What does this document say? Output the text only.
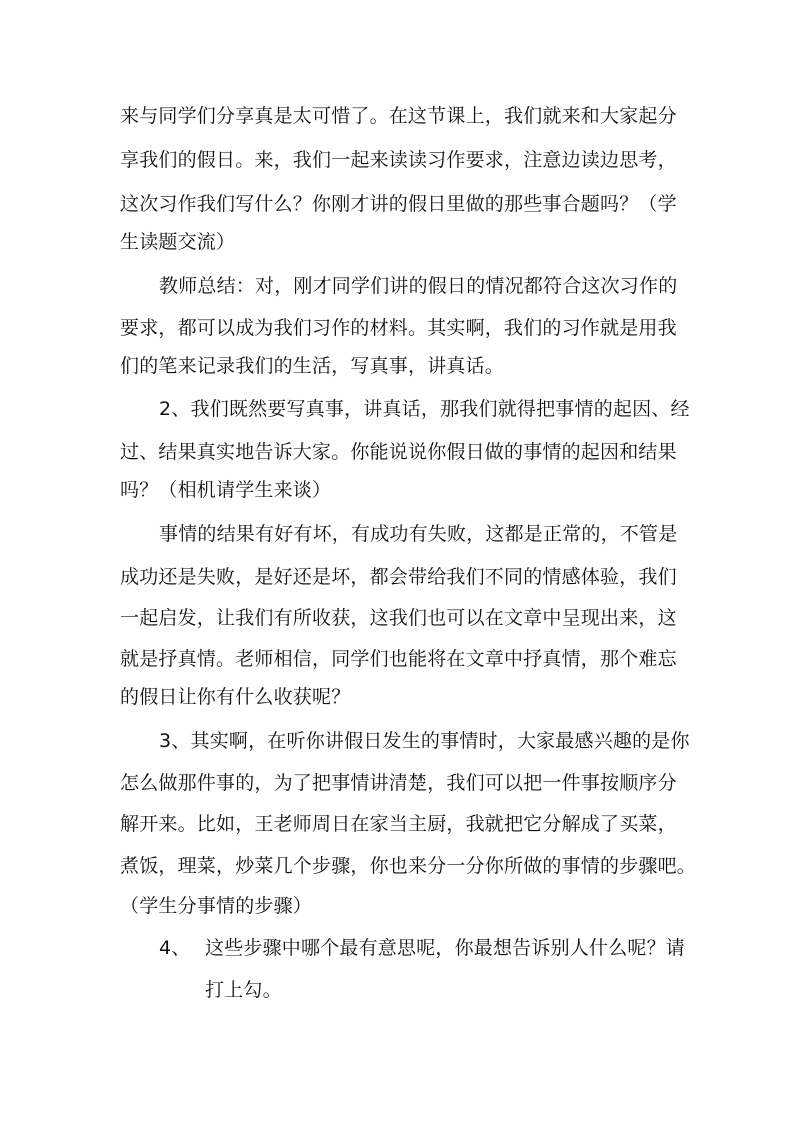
来与同学们分享真是太可惜了。在这节课上，我们就来和大家起分
享我们的假日。来，我们一起来读读习作要求，注意边读边思考，
这次习作我们写什么？你刚才讲的假日里做的那些事合题吗？（学
生读题交流）
教师总结：对，刚才同学们讲的假日的情况都符合这次习作的
要求，都可以成为我们习作的材料。其实啊，我们的习作就是用我
们的笔来记录我们的生活，写真事，讲真话。
2、我们既然要写真事，讲真话，那我们就得把事情的起因、经
过、结果真实地告诉大家。你能说说你假日做的事情的起因和结果
吗？（相机请学生来谈）
事情的结果有好有坏，有成功有失败，这都是正常的，不管是
成功还是失败，是好还是坏，都会带给我们不同的情感体验，我们
一起启发，让我们有所收获，这我们也可以在文章中呈现出来，这
就是抒真情。老师相信，同学们也能将在文章中抒真情，那个难忘
的假日让你有什么收获呢？
3、其实啊，在听你讲假日发生的事情时，大家最感兴趣的是你
怎么做那件事的，为了把事情讲清楚，我们可以把一件事按顺序分
解开来。比如，王老师周日在家当主厨，我就把它分解成了买菜，
煮饭，理菜，炒菜几个步骤，你也来分一分你所做的事情的步骤吧。
（学生分事情的步骤）
4、 这些步骤中哪个最有意思呢，你最想告诉别人什么呢？请
打上勾。
